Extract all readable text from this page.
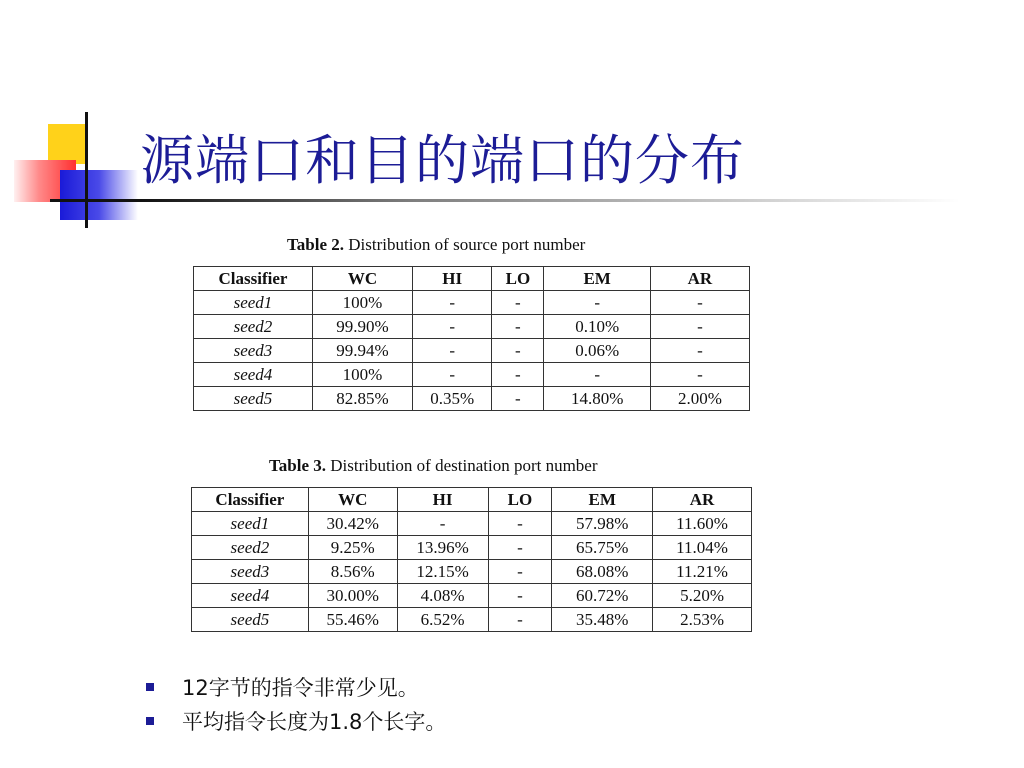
源端口和目的端口的分布
Table 2. Distribution of source port number
Classifier	WC	HI	LO	EM	AR
seed1	100%	-	-	-	-
seed2	99.90%	-	-	0.10%	-
seed3	99.94%	-	-	0.06%	-
seed4	100%	-	-	-	-
seed5	82.85%	0.35%	-	14.80%	2.00%
Table 3. Distribution of destination port number
Classifier	WC	HI	LO	EM	AR
seed1	30.42%	-	-	57.98%	11.60%
seed2	9.25%	13.96%	-	65.75%	11.04%
seed3	8.56%	12.15%	-	68.08%	11.21%
seed4	30.00%	4.08%	-	60.72%	5.20%
seed5	55.46%	6.52%	-	35.48%	2.53%
12字节的指令非常少见。
平均指令长度为1.8个长字。
